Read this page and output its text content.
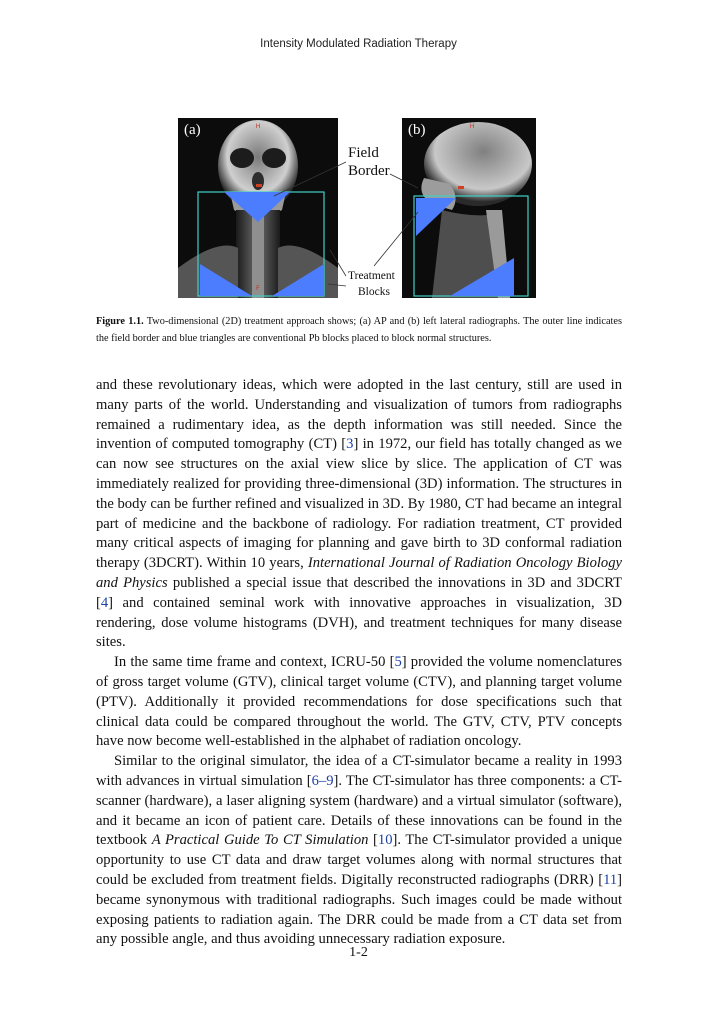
Intensity Modulated Radiation Therapy
H
F
(a)	H
(b)
Field
Border
Treatment
Blocks
Figure 1.1. Two-dimensional (2D) treatment approach shows; (a) AP and (b) left lateral radiographs. The outer line indicates the field border and blue triangles are conventional Pb blocks placed to block normal structures.

and these revolutionary ideas, which were adopted in the last century, still are used in many parts of the world. Understanding and visualization of tumors from radiographs remained a rudimentary idea, as the depth information was still needed. Since the invention of computed tomography (CT) [3] in 1972, our field has totally changed as we can now see structures on the axial view slice by slice. The application of CT was immediately realized for providing three-dimensional (3D) information. The structures in the body can be further refined and visualized in 3D. By 1980, CT had became an integral part of medicine and the backbone of radiology. For radiation treatment, CT provided many critical aspects of imaging for planning and gave birth to 3D conformal radiation therapy (3DCRT). Within 10 years, International Journal of Radiation Oncology Biology and Physics published a special issue that described the innovations in 3D and 3DCRT [4] and contained seminal work with innovative approaches in visualization, 3D rendering, dose volume histograms (DVH), and treatment techniques for many disease sites.

In the same time frame and context, ICRU-50 [5] provided the volume nomenclatures of gross target volume (GTV), clinical target volume (CTV), and planning target volume (PTV). Additionally it provided recommendations for dose specifications such that clinical data could be compared throughout the world. The GTV, CTV, PTV concepts have now become well-established in the alphabet of radiation oncology.

Similar to the original simulator, the idea of a CT-simulator became a reality in 1993 with advances in virtual simulation [6–9]. The CT-simulator has three components: a CT-scanner (hardware), a laser aligning system (hardware) and a virtual simulator (software), and it became an icon of patient care. Details of these innovations can be found in the textbook A Practical Guide To CT Simulation [10]. The CT-simulator provided a unique opportunity to use CT data and draw target volumes along with normal structures that could be excluded from treatment fields. Digitally reconstructed radiographs (DRR) [11] became synonymous with traditional radiographs. Such images could be made without exposing patients to radiation again. The DRR could be made from a CT data set from any possible angle, and thus avoiding unnecessary radiation exposure.

1-2
